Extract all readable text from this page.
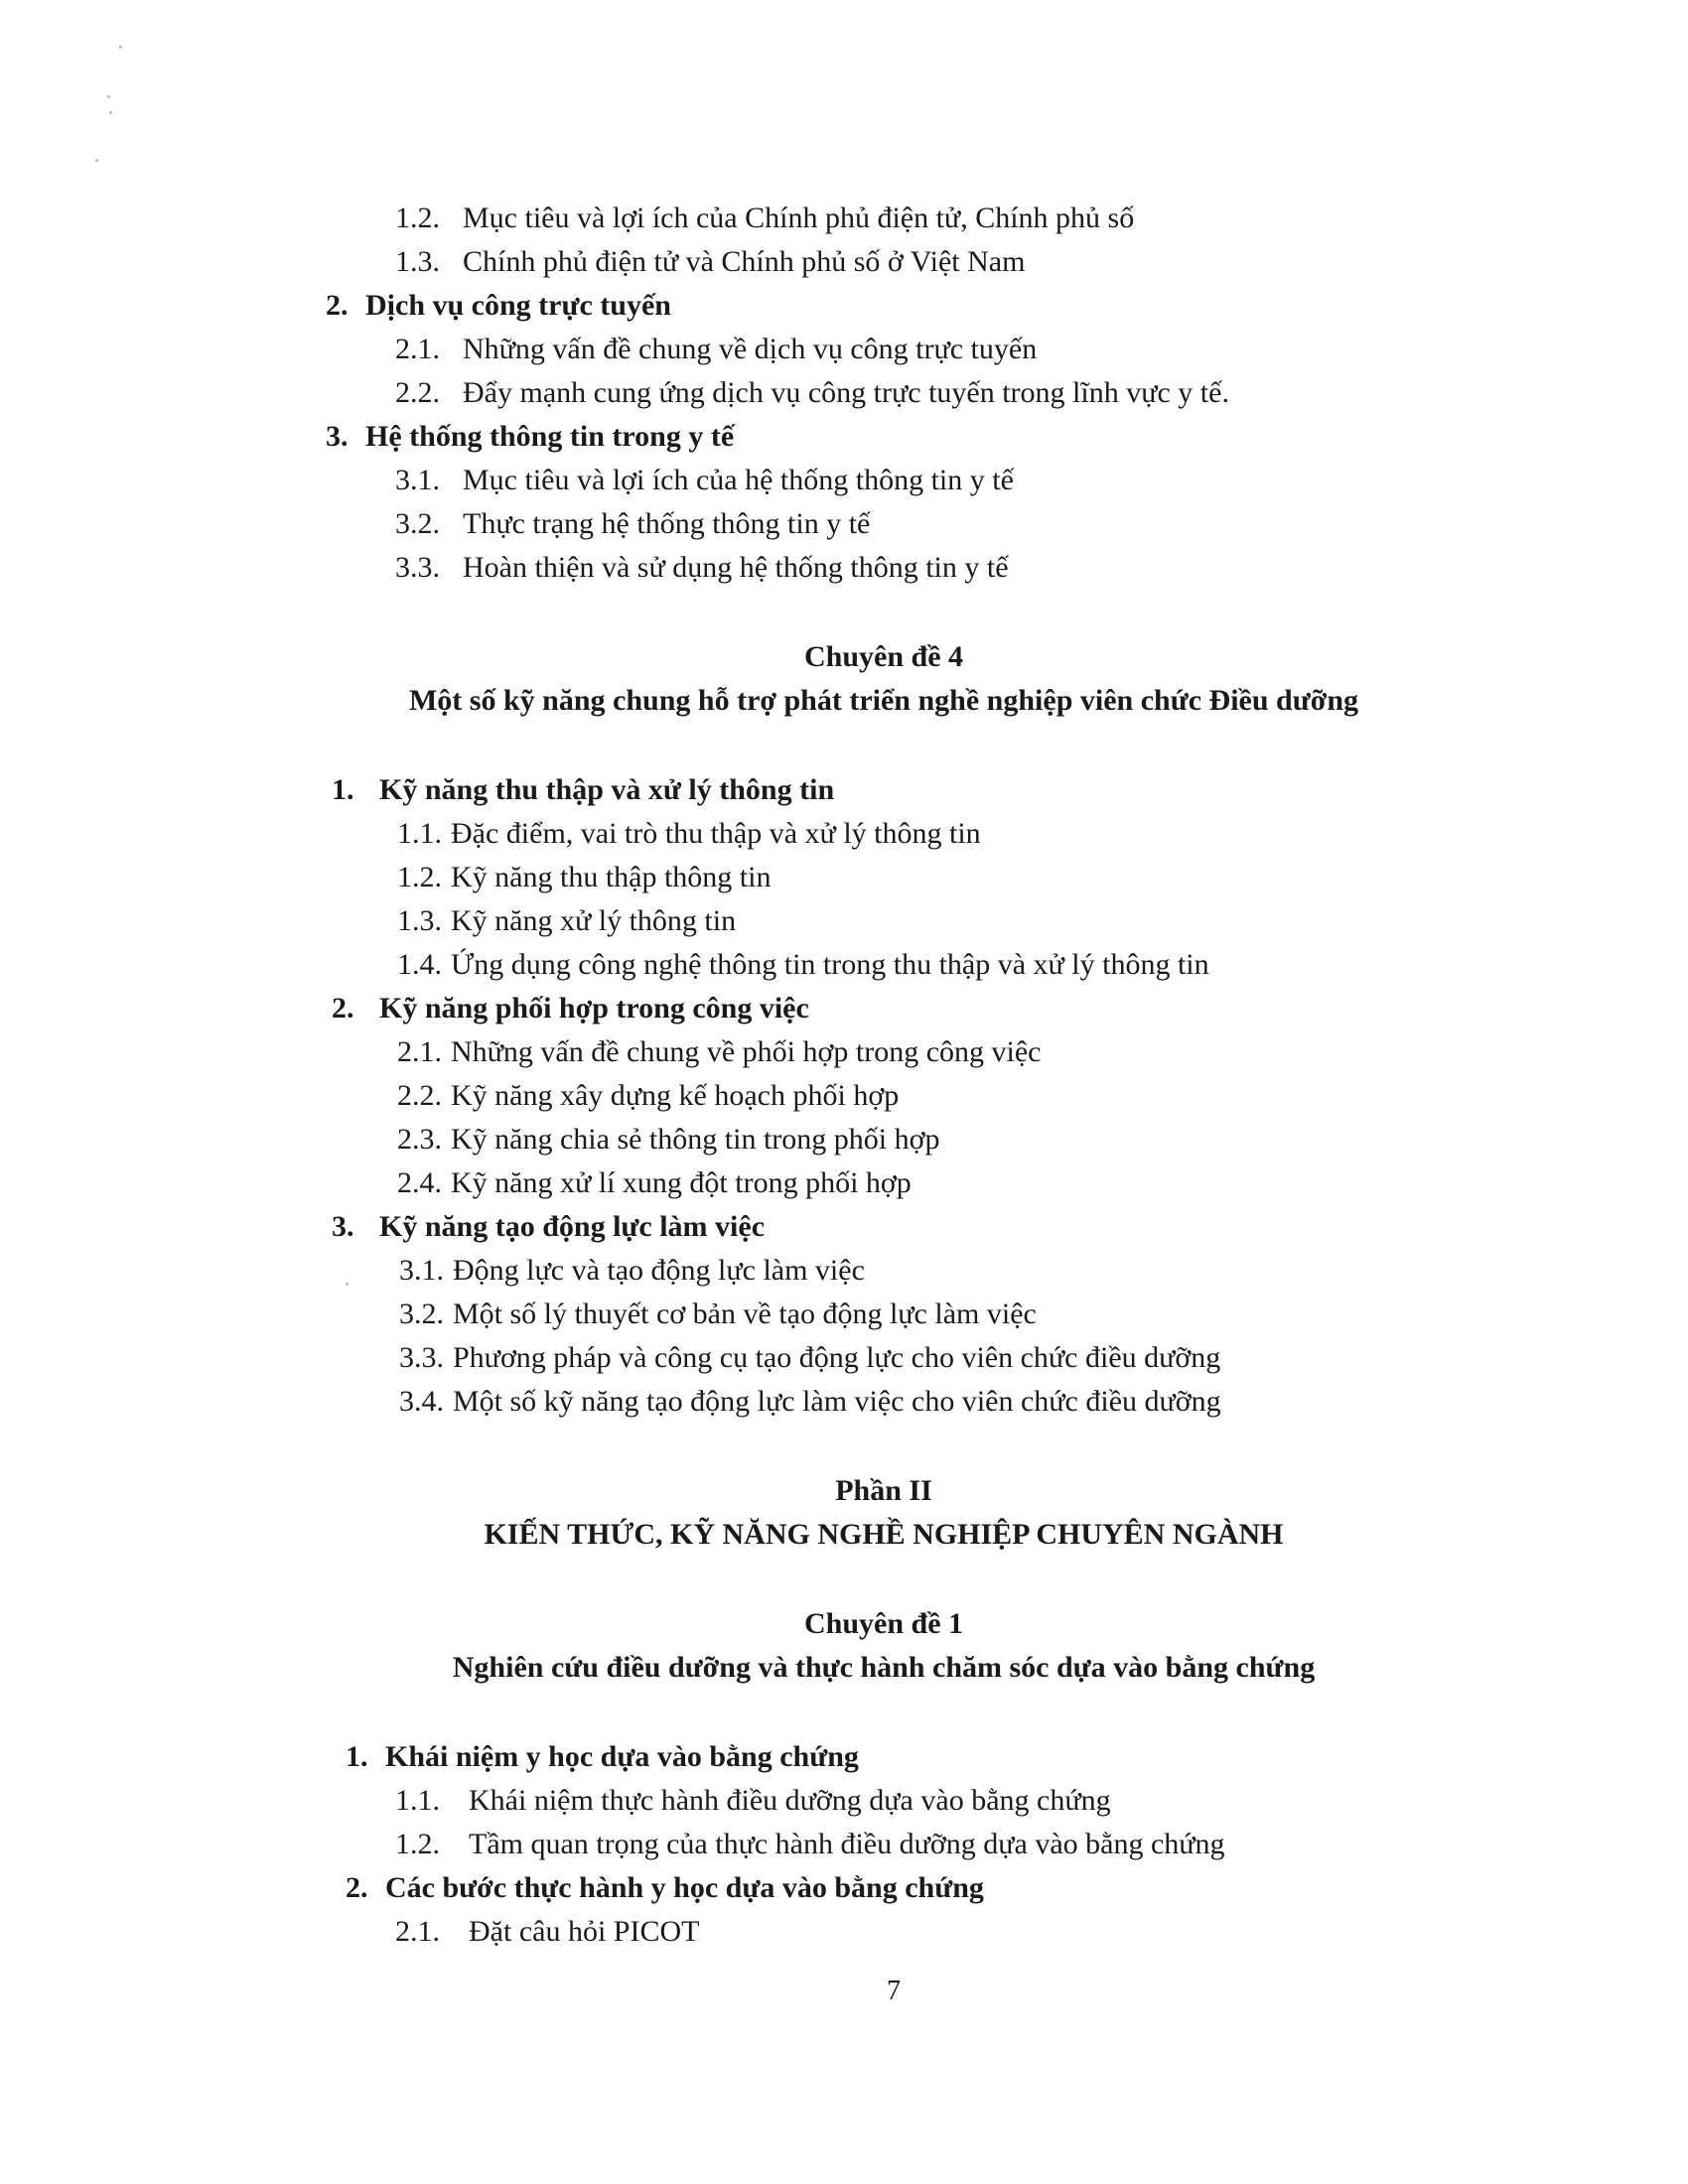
1.2. Mục tiêu và lợi ích của Chính phủ điện tử, Chính phủ số
1.3. Chính phủ điện tử và Chính phủ số ở Việt Nam
2. Dịch vụ công trực tuyến
2.1. Những vấn đề chung về dịch vụ công trực tuyến
2.2. Đẩy mạnh cung ứng dịch vụ công trực tuyến trong lĩnh vực y tế.
3. Hệ thống thông tin trong y tế
3.1. Mục tiêu và lợi ích của hệ thống thông tin y tế
3.2. Thực trạng hệ thống thông tin y tế
3.3. Hoàn thiện và sử dụng hệ thống thông tin y tế
Chuyên đề 4
Một số kỹ năng chung hỗ trợ phát triển nghề nghiệp viên chức Điều dưỡng
1. Kỹ năng thu thập và xử lý thông tin
1.1. Đặc điểm, vai trò thu thập và xử lý thông tin
1.2. Kỹ năng thu thập thông tin
1.3. Kỹ năng xử lý thông tin
1.4. Ứng dụng công nghệ thông tin trong thu thập và xử lý thông tin
2. Kỹ năng phối hợp trong công việc
2.1. Những vấn đề chung về phối hợp trong công việc
2.2. Kỹ năng xây dựng kế hoạch phối hợp
2.3. Kỹ năng chia sẻ thông tin trong phối hợp
2.4. Kỹ năng xử lí xung đột trong phối hợp
3. Kỹ năng tạo động lực làm việc
3.1. Động lực và tạo động lực làm việc
3.2. Một số lý thuyết cơ bản về tạo động lực làm việc
3.3. Phương pháp và công cụ tạo động lực cho viên chức điều dưỡng
3.4. Một số kỹ năng tạo động lực làm việc cho viên chức điều dưỡng
Phần II
KIẾN THỨC, KỸ NĂNG NGHỀ NGHIỆP CHUYÊN NGÀNH
Chuyên đề 1
Nghiên cứu điều dưỡng và thực hành chăm sóc dựa vào bằng chứng
1. Khái niệm y học dựa vào bằng chứng
1.1. Khái niệm thực hành điều dưỡng dựa vào bằng chứng
1.2. Tầm quan trọng của thực hành điều dưỡng dựa vào bằng chứng
2. Các bước thực hành y học dựa vào bằng chứng
2.1. Đặt câu hỏi PICOT
7
